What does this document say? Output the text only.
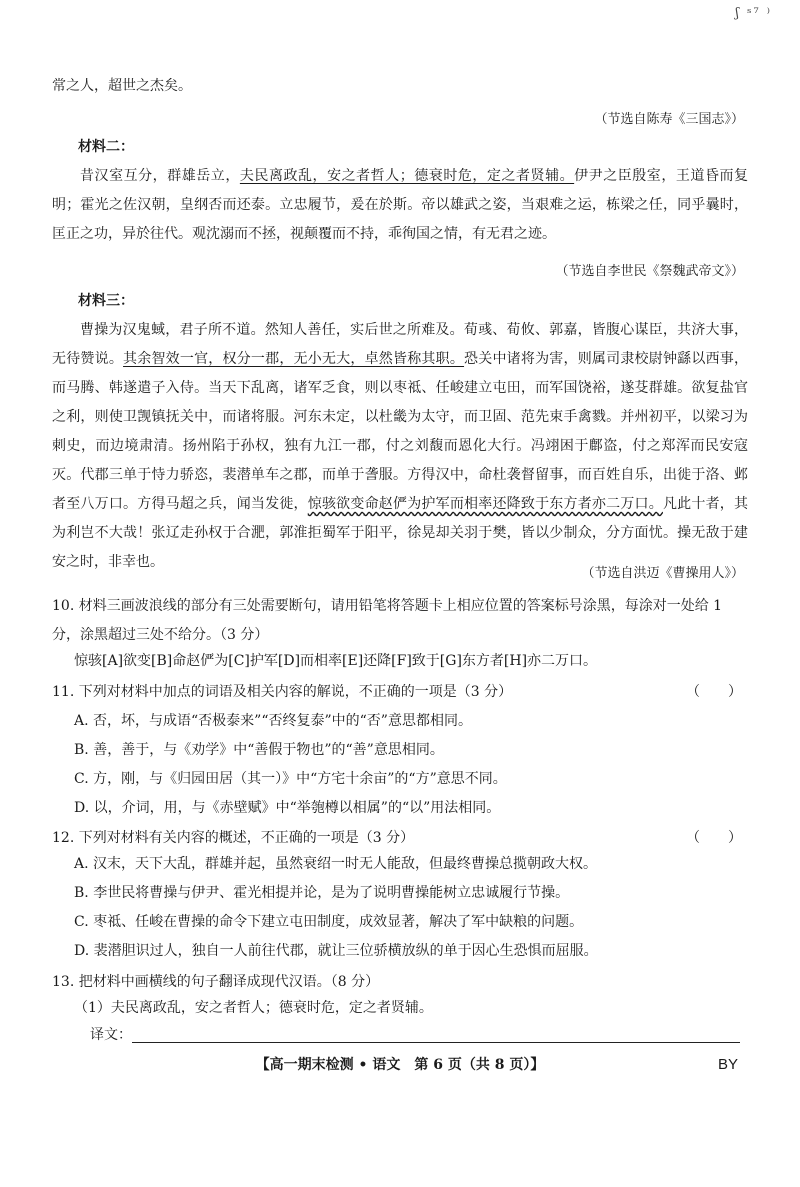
ʃ ˢ⁷ ⁾

常之人，超世之杰矣。

（节选自陈寿《三国志》）

材料二：

昔汉室互分，群雄岳立，夫民离政乱，安之者哲人；德衰时危，定之者贤辅。伊尹之臣殷室，王道昏而复明；霍光之佐汉朝，皇纲否而还泰。立忠履节，爰在於斯。帝以雄武之姿，当艰难之运，栋梁之任，同乎曩时，匡正之功，异於往代。观沈溺而不拯，视颠覆而不持，乖徇国之情，有无君之迹。

（节选自李世民《祭魏武帝文》）

材料三：

曹操为汉鬼蜮，君子所不道。然知人善任，实后世之所难及。荀彧、荀攸、郭嘉，皆腹心谋臣，共济大事，无待赞说。其余智效一官，权分一郡，无小无大，卓然皆称其职。恐关中诸将为害，则属司隶校尉钟繇以西事，而马腾、韩遂遣子入侍。当天下乱离，诸军乏食，则以枣祗、任峻建立屯田，而军国饶裕，遂芟群雄。欲复盐官之利，则使卫觊镇抚关中，而诸将服。河东未定，以杜畿为太守，而卫固、范先束手禽戮。并州初平，以梁习为刺史，而边境肃清。扬州陷于孙权，独有九江一郡，付之刘馥而恩化大行。冯翊困于鄜盗，付之郑浑而民安寇灭。代郡三单于恃力骄恣，裴潜单车之郡，而单于詟服。方得汉中，命杜袭督留事，而百姓自乐，出徙于洛、邺者至八万口。方得马超之兵，闻当发徙，惊骇欲变命赵俨为护军而相率还降致于东方者亦二万口。凡此十者，其为利岂不大哉！张辽走孙权于合淝，郭淮拒蜀军于阳平，徐晃却关羽于樊，皆以少制众，分方面忧。操无敌于建安之时，非幸也。

（节选自洪迈《曹操用人》）

10. 材料三画波浪线的部分有三处需要断句，请用铅笔将答题卡上相应位置的答案标号涂黑，每涂对一处给 1 分，涂黑超过三处不给分。（3 分）

惊骇[A]欲变[B]命赵俨为[C]护军[D]而相率[E]还降[F]致于[G]东方者[H]亦二万口。

11. 下列对材料中加点的词语及相关内容的解说，不正确的一项是（3 分）	（　　）

A. 否，坏，与成语“否极泰来”“否终复泰”中的“否”意思都相同。

B. 善，善于，与《劝学》中“善假于物也”的“善”意思相同。

C. 方，刚，与《归园田居（其一）》中“方宅十余亩”的“方”意思不同。

D. 以，介词，用，与《赤壁赋》中“举匏樽以相属”的“以”用法相同。

12. 下列对材料有关内容的概述，不正确的一项是（3 分）	（　　）

A. 汉末，天下大乱，群雄并起，虽然衰绍一时无人能敌，但最终曹操总揽朝政大权。

B. 李世民将曹操与伊尹、霍光相提并论，是为了说明曹操能树立忠诚履行节操。

C. 枣祗、任峻在曹操的命令下建立屯田制度，成效显著，解决了军中缺粮的问题。

D. 裴潜胆识过人，独自一人前往代郡，就让三位骄横放纵的单于因心生恐惧而屈服。

13. 把材料中画横线的句子翻译成现代汉语。（8 分）

（1）夫民离政乱，安之者哲人；德衰时危，定之者贤辅。

译文：
【高一期末检测 • 语文　第 6 页（共 8 页）】	BY
